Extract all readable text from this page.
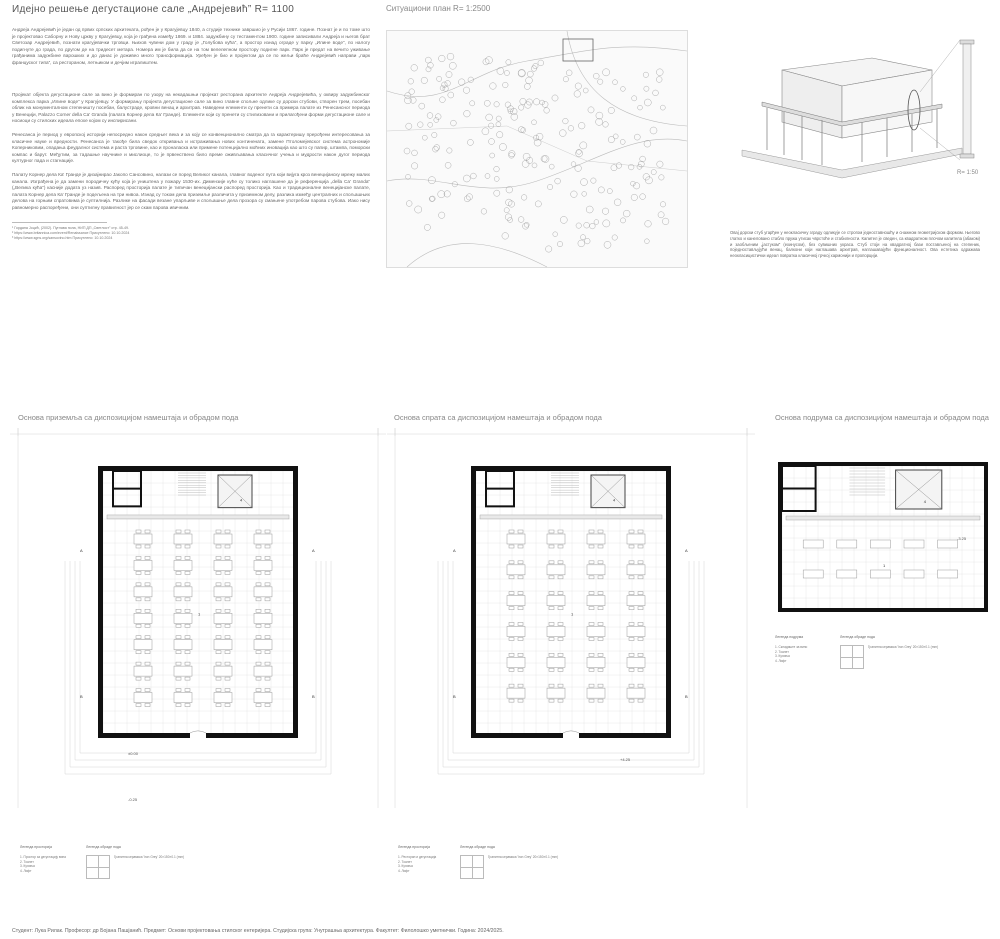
Идејно решење дегустационе сале „Андрејевић” R= 1100	Ситуациони план R= 1:2500
Андреја Андрејевић је један од првих српских архитеката, рођен је у Крагујевцу 1840, а студије технике завршио је у Русији 1867. године. Познат је и по томе што је пројектовао Саборну и Нову цркву у Крагујевцу, која је грађена између 1869. и 1884. задужбину су тестаментом 1900. године записивали Андреја и његов брат Светозар Андрејевић, познати крагујевачки трговци. Њихов чувени дом у граду је „Голубова кућа”, а простор изнад ограде у парку „Илине воде”, по налогу подигнуте до града, по другом де на тридесет метара. Номера им је била да се на том велелепном простору подигне парк. Парк је предат на вечито уживање грађанима задужбине варошких и до данас је доживео много трансформација. Уређен је био и пројектом да се по жељи браће Андрејевић направи „парк француског типа”, са рестораном, летњиком и дечјим игралиштем.
Пројекат објекта дегустационе сале за вино је формиран по узору на некадашњи пројекат ресторана архитекте Андреја Андрејевића, у оквиру задужбинског комплекса парка „Илине воде” у Крагујевцу. У формирању пројекта дегустационе сале за вино главне спољне одлике су дорски стубови, створен трем, посебан облик на монументалном степеништу посебан, балустраде, кровни венац и архитрав. Наведени елементи су пренети са примера палате из Ренесансног периода у Венецији, Palazzo Corner della Ca' Granda (палата Корнер дела Ка' Гранде). Елементи који су пренети су стилизовани и прилагођени форми дегустационе сале и носиоци су стилских идеала епохе којом су инспирисани.
Ренесанса је период у европској историји непосредно након средњег века и за коју се конвенционално сматра да га карактеришу прерођени интересовања за класичне науке и вредности. Ренесанса је такође била сведок откривања и истраживања нових континената, замене Птоломејевског система астрономије Коперниковим, опадања феудалног система и раста трговине, као и проналаска или примене потенцијално моћних иновација као што су папир, штампа, поморски компас и барут. Међутим, за тадашње научнике и мислиоце, то је првенствено било време оживљавања класичног учења и мудрости након дугог периода културног пада и стагнације.
Палату Корнер дела Ка' Гранде је дизајнирао Јакопо Сансовино, налази се поред Великог канала, главног воденог пута који вијуга кроз венецијанску мрежу малих канала. Изграђена је да замени породичну кућу која је уништена у пожару 1530-их. Димензије куће су толико наглашене да је референција „della Ca' Granda” („Велика кућа”) касније додата уз назив. Распоред просторија палате је типичан венецијански распоред просторија. Као и традиционалне венецијанске палате, палата Корнер дела Ка' Гранде је подељена на три нивоа. Изнад су током дела приземље различита у приземном делу, разлика између централних и спољашњих делова на горњим спратовима је суптилнија. Разлике на фасади везане упарљиве и спољашње дела прозора су смањене употребом парова стубова. Иако нису равномерно распоређени, они суптилну правилност јер се скам парова ивичним.
¹ Гордана Јоцић, (2002). Пуглава пола, НИП ДП „Светлост” стр. 45-49.
² https://www.britannica.com/event/Renaissance Присутлено: 10.10.2024
³ https://www.sgns.org/sansovino.htm Присутлено: 10.10.2024
R= 1:50
Овај дорски стуб угарђен у неокласичну зграду одликује се строгом једноставношћу и снажном геометријском формом. Његово глатко и канеловано стабло пружа утисак чврстоће и стабилности. Капител је сведен, са квадратном плочом капитела (абаком) и заобљеним „јастуком” (ехинусом), без сувишних украса. Стуб стоји на квадратној бази постављеној на степеник, поједностављујући венац, балкони који наглашава архитрав, наглашавајући функционалност. Ова естетика одражава неокласицистички идеал повратка класичној грчкој хармонији и пропорцији.
Основа приземља са диспозицијом намештаја и обрадом пода	Основа спрата са диспозицијом намештаја и обрадом пода	Основа подрума са диспозицијом намештаја и обрадом пода
4
A	A
B	B
1
4
A	A
B	B
1
4
1
±0.00
-0.25
+4.25
-3.25
Легенда просторија
1. Простор за дегустацију вина
2. Тоалет
3. Кухиња
4. Лифт
Легенда обраде пода
Гранитна керамика 'Iron Grey' 20×150×0.1 (mm)
Легенда просторија
1. Ресторан и дегустација
2. Тоалет
3. Кухиња
4. Лифт
Легенда обраде пода
Гранитна керамика 'Iron Grey' 20×150×0.1 (mm)
Легенда подрума
1. Складиште за вино
2. Тоалет
3. Кухиња
4. Лифт
Легенда обраде пода
Гранитна керамика 'Iron Grey' 20×150×0.1 (mm)
Студент: Лука Рилак. Професор: др Бојана Пашјанић. Предмет: Основи пројектовања стилског ентеријера. Студијска група: Унутрашња архитектура. Факултет: Филолошко уметнички. Година: 2024/2025.
